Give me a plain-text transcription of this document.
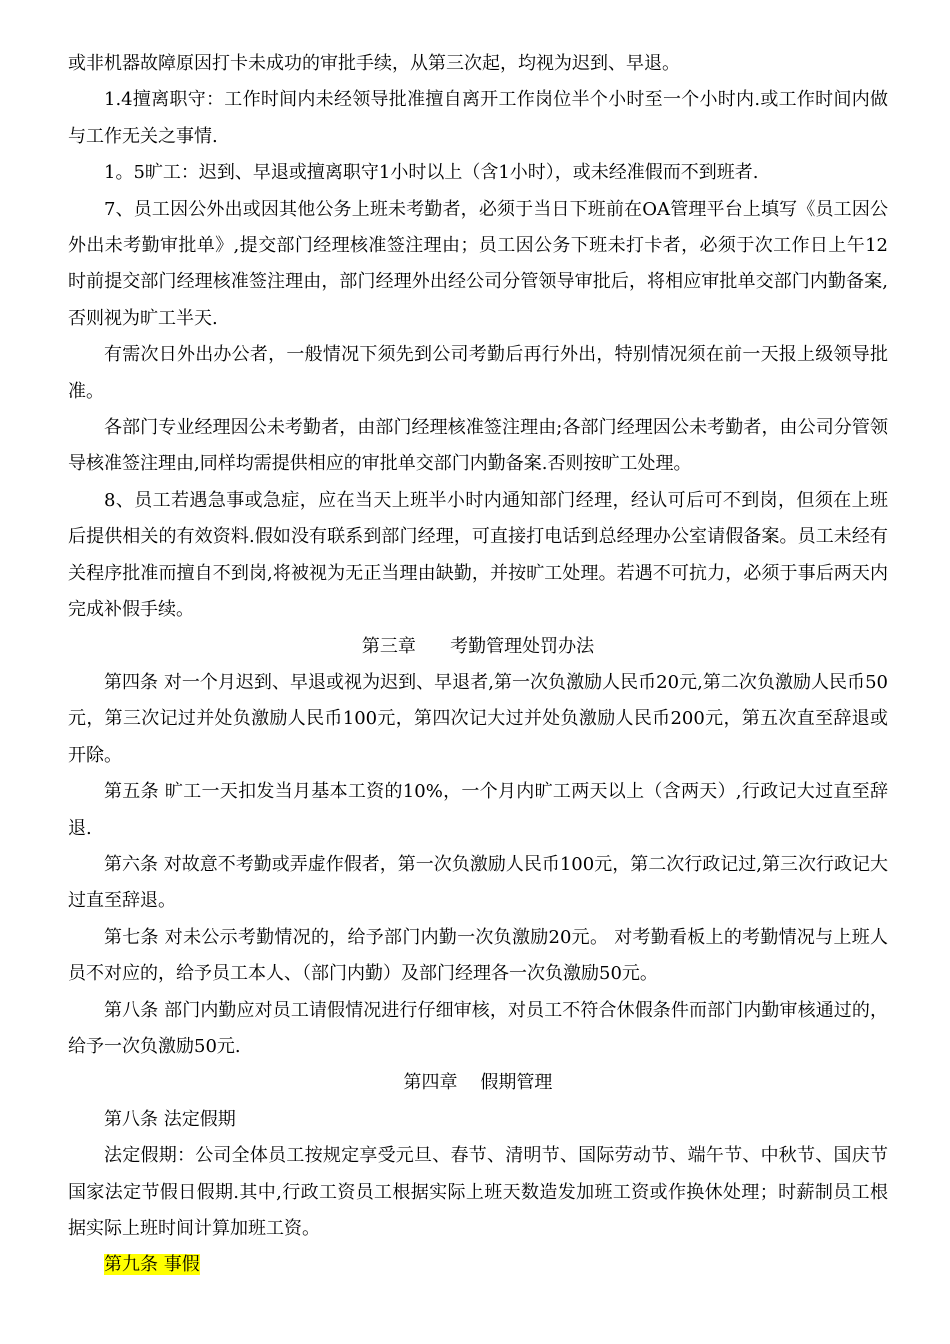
或非机器故障原因打卡未成功的审批手续，从第三次起，均视为迟到、早退。

1.4擅离职守：工作时间内未经领导批准擅自离开工作岗位半个小时至一个小时内.或工作时间内做与工作无关之事情.

1。5旷工：迟到、早退或擅离职守1小时以上（含1小时），或未经准假而不到班者.

7、员工因公外出或因其他公务上班未考勤者，必须于当日下班前在OA管理平台上填写《员工因公外出未考勤审批单》,提交部门经理核准签注理由；员工因公务下班未打卡者，必须于次工作日上午12时前提交部门经理核准签注理由，部门经理外出经公司分管领导审批后，将相应审批单交部门内勤备案,否则视为旷工半天.

有需次日外出办公者，一般情况下须先到公司考勤后再行外出，特别情况须在前一天报上级领导批准。

各部门专业经理因公未考勤者，由部门经理核准签注理由;各部门经理因公未考勤者，由公司分管领导核准签注理由,同样均需提供相应的审批单交部门内勤备案.否则按旷工处理。

8、员工若遇急事或急症，应在当天上班半小时内通知部门经理，经认可后可不到岗，但须在上班后提供相关的有效资料.假如没有联系到部门经理，可直接打电话到总经理办公室请假备案。员工未经有关程序批准而擅自不到岗,将被视为无正当理由缺勤，并按旷工处理。若遇不可抗力，必须于事后两天内完成补假手续。

第三章      考勤管理处罚办法

第四条 对一个月迟到、早退或视为迟到、早退者,第一次负激励人民币20元,第二次负激励人民币50元，第三次记过并处负激励人民币100元，第四次记大过并处负激励人民币200元，第五次直至辞退或开除。

第五条 旷工一天扣发当月基本工资的10%，一个月内旷工两天以上（含两天）,行政记大过直至辞退.

第六条 对故意不考勤或弄虚作假者，第一次负激励人民币100元，第二次行政记过,第三次行政记大过直至辞退。

第七条 对未公示考勤情况的，给予部门内勤一次负激励20元。 对考勤看板上的考勤情况与上班人员不对应的，给予员工本人、（部门内勤）及部门经理各一次负激励50元。

第八条 部门内勤应对员工请假情况进行仔细审核，对员工不符合休假条件而部门内勤审核通过的，给予一次负激励50元.

第四章    假期管理

第八条 法定假期

法定假期：公司全体员工按规定享受元旦、春节、清明节、国际劳动节、端午节、中秋节、国庆节国家法定节假日假期.其中,行政工资员工根据实际上班天数造发加班工资或作换休处理；时薪制员工根据实际上班时间计算加班工资。

第九条 事假
